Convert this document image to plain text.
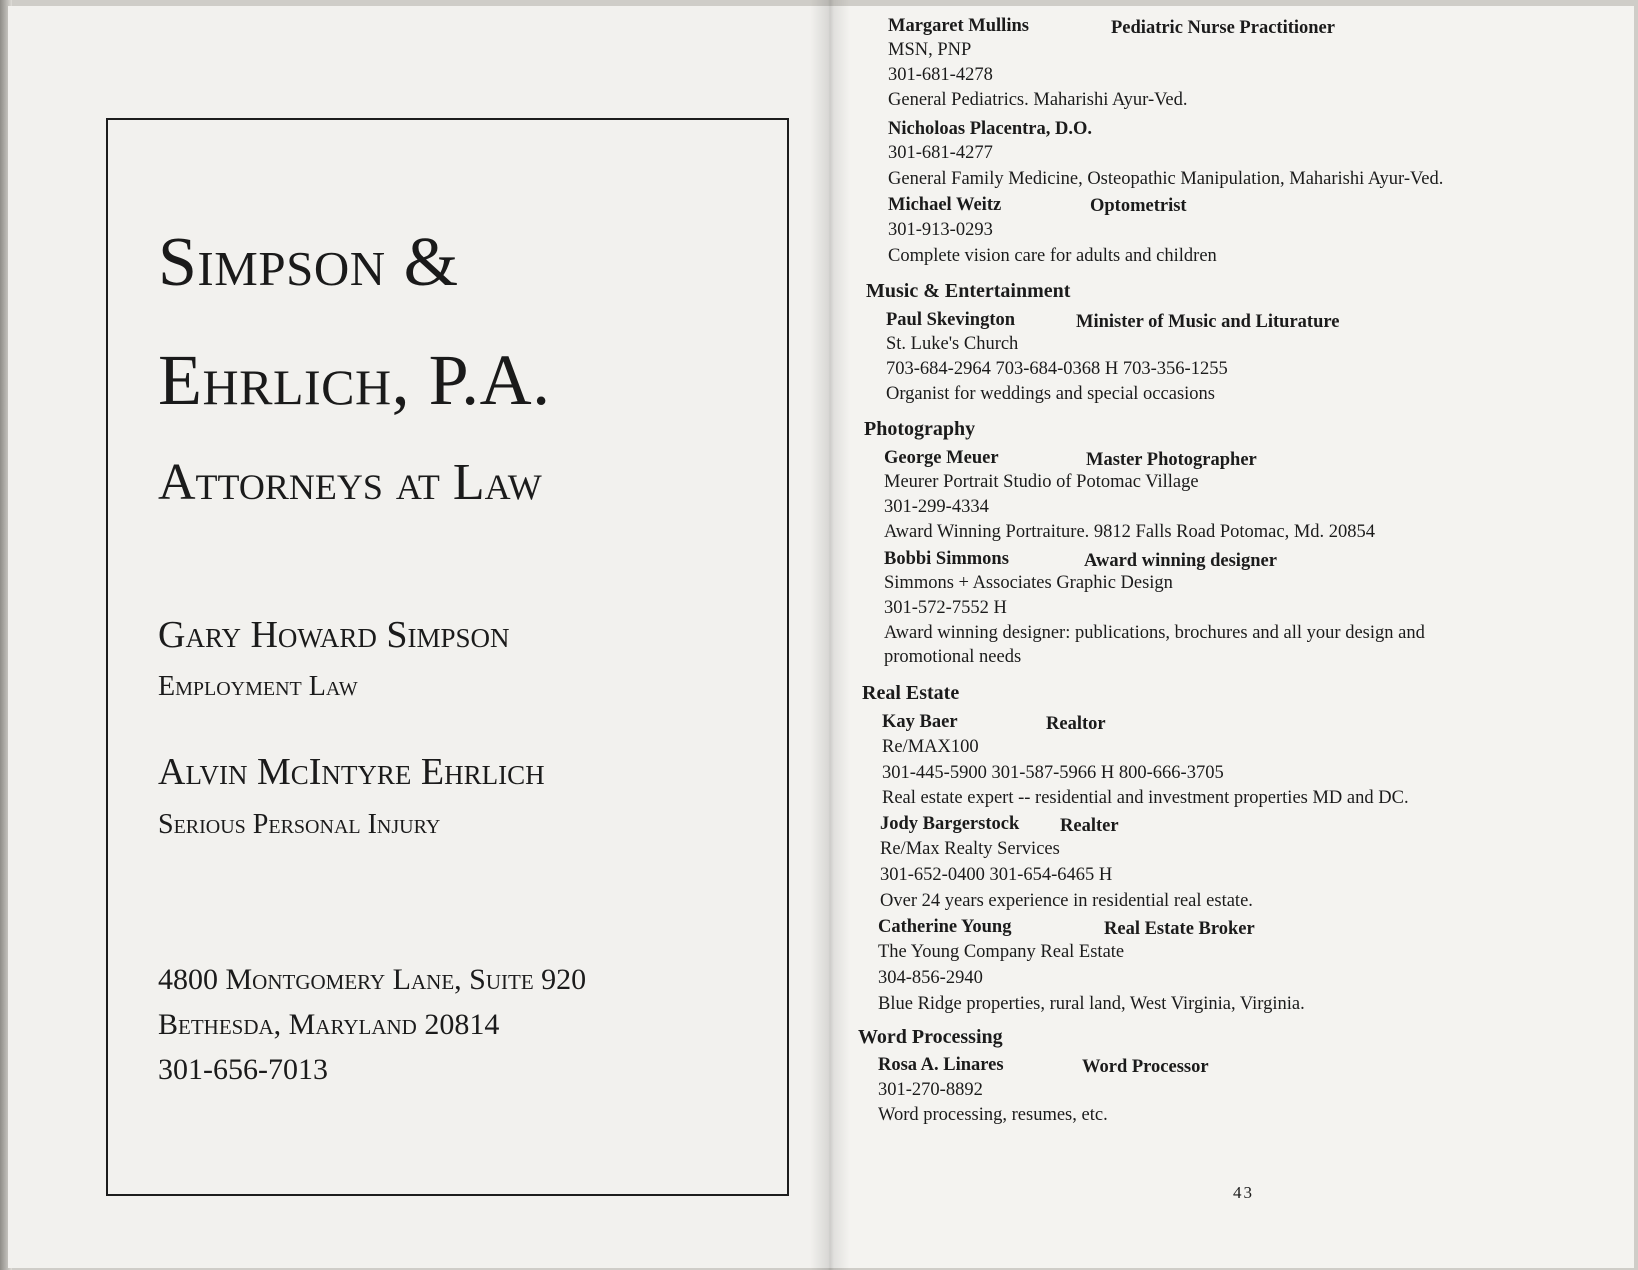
Simpson &
Ehrlich, P.A.
Attorneys at Law
Gary Howard Simpson
Employment Law
Alvin McIntyre Ehrlich
Serious Personal Injury
4800 Montgomery Lane, Suite 920
Bethesda, Maryland 20814
301-656-7013
Margaret Mullins	Pediatric Nurse Practitioner
MSN, PNP
301-681-4278
General Pediatrics. Maharishi Ayur-Ved.
Nicholoas Placentra, D.O.
301-681-4277
General Family Medicine, Osteopathic Manipulation, Maharishi Ayur-Ved.
Michael Weitz	Optometrist
301-913-0293
Complete vision care for adults and children
Music & Entertainment
Paul Skevington	Minister of Music and Liturature
St. Luke's Church
703-684-2964 703-684-0368 H 703-356-1255
Organist for weddings and special occasions
Photography
George Meuer	Master Photographer
Meurer Portrait Studio of Potomac Village
301-299-4334
Award Winning Portraiture. 9812 Falls Road Potomac, Md. 20854
Bobbi Simmons	Award winning designer
Simmons + Associates Graphic Design
301-572-7552 H
Award winning designer: publications, brochures and all your design and
promotional needs
Real Estate
Kay Baer	Realtor
Re/MAX100
301-445-5900 301-587-5966 H 800-666-3705
Real estate expert -- residential and investment properties MD and DC.
Jody Bargerstock Realter
Re/Max Realty Services
301-652-0400 301-654-6465 H
Over 24 years experience in residential real estate.
Catherine Young	Real Estate Broker
The Young Company Real Estate
304-856-2940
Blue Ridge properties, rural land, West Virginia, Virginia.
Word Processing
Rosa A. Linares	Word Processor
301-270-8892
Word processing, resumes, etc.
43
